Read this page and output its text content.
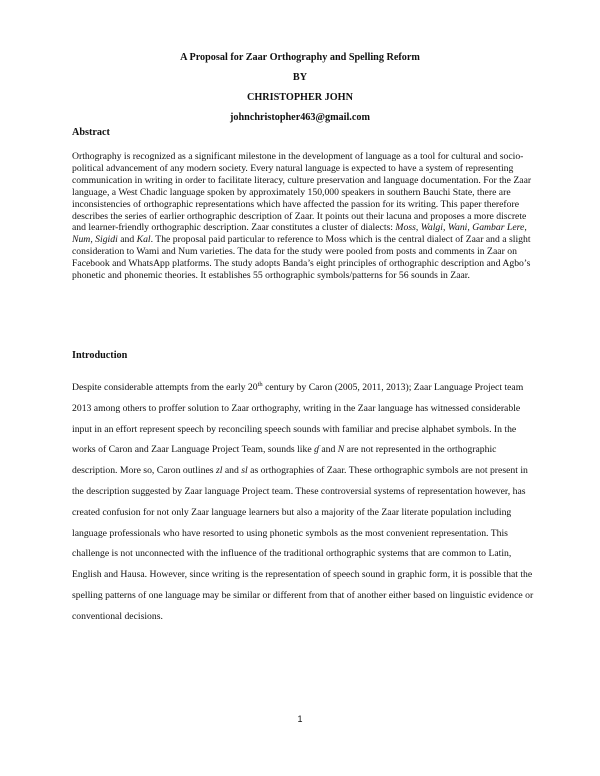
A Proposal for Zaar Orthography and Spelling Reform
BY
CHRISTOPHER JOHN
johnchristopher463@gmail.com
Abstract

Orthography is recognized as a significant milestone in the development of language as a tool for cultural and socio-political advancement of any modern society. Every natural language is expected to have a system of representing communication in writing in order to facilitate literacy, culture preservation and language documentation. For the Zaar language, a West Chadic language spoken by approximately 150,000 speakers in southern Bauchi State, there are inconsistencies of orthographic representations which have affected the passion for its writing. This paper therefore describes the series of earlier orthographic description of Zaar. It points out their lacuna and proposes a more discrete and learner-friendly orthographic description. Zaar constitutes a cluster of dialects: Moss, Walgi, Wani, Gambar Lere, Num, Sigidi and Kal. The proposal paid particular to reference to Moss which is the central dialect of Zaar and a slight consideration to Wami and Num varieties. The data for the study were pooled from posts and comments in Zaar on Facebook and WhatsApp platforms. The study adopts Banda’s eight principles of orthographic description and Agbo’s phonetic and phonemic theories. It establishes 55 orthographic symbols/patterns for 56 sounds in Zaar.

Introduction

Despite considerable attempts from the early 20th century by Caron (2005, 2011, 2013); Zaar Language Project team 2013 among others to proffer solution to Zaar orthography, writing in the Zaar language has witnessed considerable input in an effort represent speech by reconciling speech sounds with familiar and precise alphabet symbols. In the works of Caron and Zaar Language Project Team, sounds like ɠ and N are not represented in the orthographic description. More so, Caron outlines zl and sl as orthographies of Zaar. These orthographic symbols are not present in the description suggested by Zaar language Project team. These controversial systems of representation however, has created confusion for not only Zaar language learners but also a majority of the Zaar literate population including language professionals who have resorted to using phonetic symbols as the most convenient representation. This challenge is not unconnected with the influence of the traditional orthographic systems that are common to Latin, English and Hausa. However, since writing is the representation of speech sound in graphic form, it is possible that the spelling patterns of one language may be similar or different from that of another either based on linguistic evidence or conventional decisions.

1
